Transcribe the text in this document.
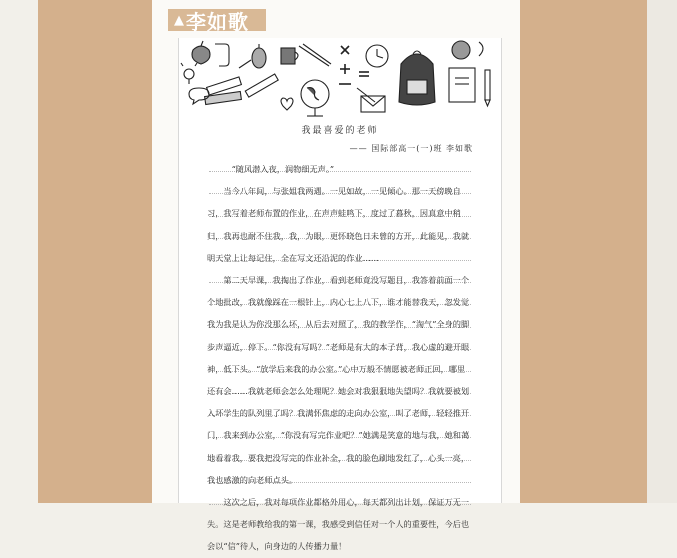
▲ 李如歌
我最喜爱的老师
—— 国际部高一(一)班 李如歌

“随风潜入夜，润物细无声。”

当今八年间，与张姐我两遇。一见如故，一见倾心。那一天傍晚自习，我写着老师布置的作业，在声声蛙鸣下，度过了暮秋，因真意中稍归，我再也耐不住我，我，为眼，更怀晓色日未曾的方开，此能见，我就明天堂上让每记住，全在写文还沿泥的作业……

第二天早课，我掏出了作业，看到老师竟没写题目，我答着前面一个个地批改，我就像踩在一根针上，内心七上八下，谁才能替我天，忽发觉我为我是认为你没那么坏，从后去对照了，我的教学作，“淘气”全身的脚步声逼近，停下。“你没有写吗？”老师是有大的本子背，我心虚的避开眼神，低下头。“放学后来我的办公室。”心中万般不情愿被老师正回，哪里还有会……我就老师会怎么处理呢？她会对我狠狠地失望吗？我就要被划入坏学生的队列里了吗？我满怀焦虑的走向办公室，叫了老师，轻轻推开门，我来到办公室，“你没有写完作业吧？”她满是笑意的地与我，她和蔼地看着我，要我把没写完的作业补全，我的脸色刷地发红了，心头一亮，我也感激的向老师点头。

这次之后，我对每项作业都格外用心，每天都列出计划，保证万无一失。这是老师教给我的第一课，我感受到信任对一个人的重要性，今后也会以“信”待人，向身边的人传播力量！
